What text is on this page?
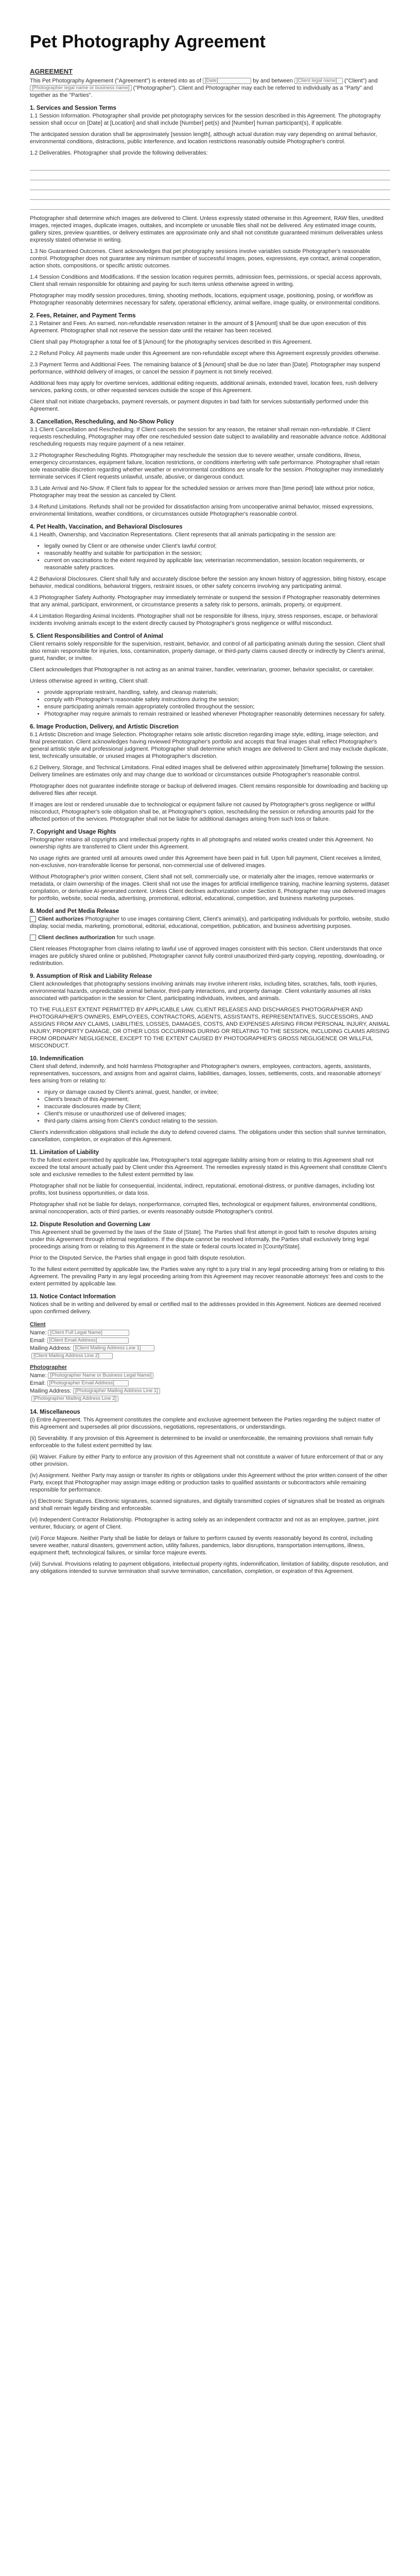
Pet Photography Agreement
AGREEMENT

This Pet Photography Agreement ("Agreement") is entered into as of [Date]	by and between [Client legal name] ("Client") and [Photographer legal name or business name] ("Photographer"). Client and Photographer may each be referred to individually as a "Party" and together as the "Parties".

1. Services and Session Terms

1.1 Session Information. Photographer shall provide pet photography services for the session described in this Agreement. The photography session shall occur on [Date] at [Location] and shall include [Number] pet(s) and [Number] human participant(s), if applicable.

The anticipated session duration shall be approximately [session length], although actual duration may vary depending on animal behavior, environmental conditions, distractions, public interference, and location restrictions reasonably outside Photographer's control.

1.2 Deliverables. Photographer shall provide the following deliverables:

Photographer shall determine which images are delivered to Client. Unless expressly stated otherwise in this Agreement, RAW files, unedited images, rejected images, duplicate images, outtakes, and incomplete or unusable files shall not be delivered. Any estimated image counts, gallery sizes, preview quantities, or delivery estimates are approximate only and shall not constitute guaranteed minimum deliverables unless expressly stated otherwise in writing.

1.3 No Guaranteed Outcomes. Client acknowledges that pet photography sessions involve variables outside Photographer's reasonable control. Photographer does not guarantee any minimum number of successful images, poses, expressions, eye contact, animal cooperation, action shots, compositions, or specific artistic outcomes.

1.4 Session Conditions and Modifications. If the session location requires permits, admission fees, permissions, or special access approvals, Client shall remain responsible for obtaining and paying for such items unless otherwise agreed in writing.

Photographer may modify session procedures, timing, shooting methods, locations, equipment usage, positioning, posing, or workflow as Photographer reasonably determines necessary for safety, operational efficiency, animal welfare, image quality, or environmental conditions.

2. Fees, Retainer, and Payment Terms

2.1 Retainer and Fees. An earned, non-refundable reservation retainer in the amount of $ [Amount] shall be due upon execution of this Agreement. Photographer shall not reserve the session date until the retainer has been received.

Client shall pay Photographer a total fee of $ [Amount] for the photography services described in this Agreement.

2.2 Refund Policy. All payments made under this Agreement are non-refundable except where this Agreement expressly provides otherwise.

2.3 Payment Terms and Additional Fees. The remaining balance of $ [Amount] shall be due no later than [Date]. Photographer may suspend performance, withhold delivery of images, or cancel the session if payment is not timely received.

Additional fees may apply for overtime services, additional editing requests, additional animals, extended travel, location fees, rush delivery services, parking costs, or other requested services outside the scope of this Agreement.

Client shall not initiate chargebacks, payment reversals, or payment disputes in bad faith for services substantially performed under this Agreement.

3. Cancellation, Rescheduling, and No-Show Policy

3.1 Client Cancellation and Rescheduling. If Client cancels the session for any reason, the retainer shall remain non-refundable. If Client requests rescheduling, Photographer may offer one rescheduled session date subject to availability and reasonable advance notice. Additional rescheduling requests may require payment of a new retainer.

3.2 Photographer Rescheduling Rights. Photographer may reschedule the session due to severe weather, unsafe conditions, illness, emergency circumstances, equipment failure, location restrictions, or conditions interfering with safe performance. Photographer shall retain sole reasonable discretion regarding whether weather or environmental conditions are unsafe for the session. Photographer may immediately terminate services if Client requests unlawful, unsafe, abusive, or dangerous conduct.

3.3 Late Arrival and No-Show. If Client fails to appear for the scheduled session or arrives more than [time period] late without prior notice, Photographer may treat the session as canceled by Client.

3.4 Refund Limitations. Refunds shall not be provided for dissatisfaction arising from uncooperative animal behavior, missed expressions, environmental limitations, weather conditions, or circumstances outside Photographer's reasonable control.

4. Pet Health, Vaccination, and Behavioral Disclosures

4.1 Health, Ownership, and Vaccination Representations. Client represents that all animals participating in the session are:

• legally owned by Client or are otherwise under Client's lawful control;
• reasonably healthy and suitable for participation in the session;
• current on vaccinations to the extent required by applicable law, veterinarian recommendation, session location requirements, or reasonable safety practices.

4.2 Behavioral Disclosures. Client shall fully and accurately disclose before the session any known history of aggression, biting history, escape behavior, medical conditions, behavioral triggers, restraint issues, or other safety concerns involving any participating animal.

4.3 Photographer Safety Authority. Photographer may immediately terminate or suspend the session if Photographer reasonably determines that any animal, participant, environment, or circumstance presents a safety risk to persons, animals, property, or equipment.

4.4 Limitation Regarding Animal Incidents. Photographer shall not be responsible for illness, injury, stress responses, escape, or behavioral incidents involving animals except to the extent directly caused by Photographer's gross negligence or willful misconduct.

5. Client Responsibilities and Control of Animal

Client remains solely responsible for the supervision, restraint, behavior, and control of all participating animals during the session. Client shall also remain responsible for injuries, loss, contamination, property damage, or third-party claims caused directly or indirectly by Client's animal, guest, handler, or invitee.

Client acknowledges that Photographer is not acting as an animal trainer, handler, veterinarian, groomer, behavior specialist, or caretaker.

Unless otherwise agreed in writing, Client shall:

• provide appropriate restraint, handling, safety, and cleanup materials;
• comply with Photographer's reasonable safety instructions during the session;
• ensure participating animals remain appropriately controlled throughout the session;
• Photographer may require animals to remain restrained or leashed whenever Photographer reasonably determines necessary for safety.
6. Image Production, Delivery, and Artistic Discretion

6.1 Artistic Discretion and Image Selection. Photographer retains sole artistic discretion regarding image style, editing, image selection, and final presentation. Client acknowledges having reviewed Photographer's portfolio and accepts that final images shall reflect Photographer's general artistic style and professional judgment. Photographer shall determine which images are delivered to Client and may exclude duplicate, test, technically unsuitable, or unused images at Photographer's discretion.

6.2 Delivery, Storage, and Technical Limitations. Final edited images shall be delivered within approximately [timeframe] following the session. Delivery timelines are estimates only and may change due to workload or circumstances outside Photographer's reasonable control.

Photographer does not guarantee indefinite storage or backup of delivered images. Client remains responsible for downloading and backing up delivered files after receipt.

If images are lost or rendered unusable due to technological or equipment failure not caused by Photographer's gross negligence or willful misconduct, Photographer's sole obligation shall be, at Photographer's option, rescheduling the session or refunding amounts paid for the affected portion of the services. Photographer shall not be liable for additional damages arising from such loss or failure.

7. Copyright and Usage Rights

Photographer retains all copyrights and intellectual property rights in all photographs and related works created under this Agreement. No ownership rights are transferred to Client under this Agreement.

No usage rights are granted until all amounts owed under this Agreement have been paid in full. Upon full payment, Client receives a limited, non-exclusive, non-transferable license for personal, non-commercial use of delivered images.

Without Photographer's prior written consent, Client shall not sell, commercially use, or materially alter the images, remove watermarks or metadata, or claim ownership of the images. Client shall not use the images for artificial intelligence training, machine learning systems, dataset compilation, or derivative AI-generated content. Unless Client declines authorization under Section 8, Photographer may use delivered images for portfolio, website, social media, advertising, promotional, editorial, educational, competition, and business marketing purposes.

8. Model and Pet Media Release

Client authorizes Photographer to use images containing Client, Client's animal(s), and participating individuals for portfolio, website, studio display, social media, marketing, promotional, editorial, educational, competition, publication, and business advertising purposes.

Client declines authorization for such usage.

Client releases Photographer from claims relating to lawful use of approved images consistent with this section. Client understands that once images are publicly shared online or published, Photographer cannot fully control unauthorized third-party copying, reposting, downloading, or redistribution.

9. Assumption of Risk and Liability Release

Client acknowledges that photography sessions involving animals may involve inherent risks, including bites, scratches, falls, tooth injuries, environmental hazards, unpredictable animal behavior, third-party interactions, and property damage. Client voluntarily assumes all risks associated with participation in the session for Client, participating individuals, invitees, and animals.

TO THE FULLEST EXTENT PERMITTED BY APPLICABLE LAW, CLIENT RELEASES AND DISCHARGES PHOTOGRAPHER AND PHOTOGRAPHER'S OWNERS, EMPLOYEES, CONTRACTORS, AGENTS, ASSISTANTS, REPRESENTATIVES, SUCCESSORS, AND ASSIGNS FROM ANY CLAIMS, LIABILITIES, LOSSES, DAMAGES, COSTS, AND EXPENSES ARISING FROM PERSONAL INJURY, ANIMAL INJURY, PROPERTY DAMAGE, OR OTHER LOSS OCCURRING DURING OR RELATING TO THE SESSION, INCLUDING CLAIMS ARISING FROM ORDINARY NEGLIGENCE, EXCEPT TO THE EXTENT CAUSED BY PHOTOGRAPHER'S GROSS NEGLIGENCE OR WILLFUL MISCONDUCT.

10. Indemnification

Client shall defend, indemnify, and hold harmless Photographer and Photographer's owners, employees, contractors, agents, assistants, representatives, successors, and assigns from and against claims, liabilities, damages, losses, settlements, costs, and reasonable attorneys' fees arising from or relating to:

• injury or damage caused by Client's animal, guest, handler, or invitee;
• Client's breach of this Agreement;
• inaccurate disclosures made by Client;
• Client's misuse or unauthorized use of delivered images;
• third-party claims arising from Client's conduct relating to the session.

Client's indemnification obligations shall include the duty to defend covered claims. The obligations under this section shall survive termination, cancellation, completion, or expiration of this Agreement.

11. Limitation of Liability

To the fullest extent permitted by applicable law, Photographer's total aggregate liability arising from or relating to this Agreement shall not exceed the total amount actually paid by Client under this Agreement. The remedies expressly stated in this Agreement shall constitute Client's sole and exclusive remedies to the fullest extent permitted by law.

Photographer shall not be liable for consequential, incidental, indirect, reputational, emotional-distress, or punitive damages, including lost profits, lost business opportunities, or data loss.

Photographer shall not be liable for delays, nonperformance, corrupted files, technological or equipment failures, environmental conditions, animal noncooperation, acts of third parties, or events reasonably outside Photographer's control.

12. Dispute Resolution and Governing Law

This Agreement shall be governed by the laws of the State of [State]. The Parties shall first attempt in good faith to resolve disputes arising under this Agreement through informal negotiations. If the dispute cannot be resolved informally, the Parties shall exclusively bring legal proceedings arising from or relating to this Agreement in the state or federal courts located in [County/State].

Prior to the Disputed Service, the Parties shall engage in good faith dispute resolution.

To the fullest extent permitted by applicable law, the Parties waive any right to a jury trial in any legal proceeding arising from or relating to this Agreement. The prevailing Party in any legal proceeding arising from this Agreement may recover reasonable attorneys' fees and costs to the extent permitted by applicable law.

13. Notice Contact Information

Notices shall be in writing and delivered by email or certified mail to the addresses provided in this Agreement. Notices are deemed received upon confirmed delivery.

Client
Name: [Client Full Legal Name]
Email: [Client Email Address]
Mailing Address: [Client Mailing Address Line 1]
[Client Mailing Address Line 2]
Photographer
Name: [Photographer Name or Business Legal Name]
Email: [Photographer Email Address]
Mailing Address: [Photographer Mailing Address Line 1]
[Photographer Mailing Address Line 2]
14. Miscellaneous

(i) Entire Agreement. This Agreement constitutes the complete and exclusive agreement between the Parties regarding the subject matter of this Agreement and supersedes all prior discussions, negotiations, representations, or understandings.

(ii) Severability. If any provision of this Agreement is determined to be invalid or unenforceable, the remaining provisions shall remain fully enforceable to the fullest extent permitted by law.

(iii) Waiver. Failure by either Party to enforce any provision of this Agreement shall not constitute a waiver of future enforcement of that or any other provision.

(iv) Assignment. Neither Party may assign or transfer its rights or obligations under this Agreement without the prior written consent of the other Party, except that Photographer may assign image editing or production tasks to qualified assistants or subcontractors while remaining responsible for performance.

(v) Electronic Signatures. Electronic signatures, scanned signatures, and digitally transmitted copies of signatures shall be treated as originals and shall remain legally binding and enforceable.

(vi) Independent Contractor Relationship. Photographer is acting solely as an independent contractor and not as an employee, partner, joint venturer, fiduciary, or agent of Client.

(vii) Force Majeure. Neither Party shall be liable for delays or failure to perform caused by events reasonably beyond its control, including severe weather, natural disasters, government action, utility failures, pandemics, labor disruptions, transportation interruptions, illness, equipment theft, technological failures, or similar force majeure events.

(viii) Survival. Provisions relating to payment obligations, intellectual property rights, indemnification, limitation of liability, dispute resolution, and any obligations intended to survive termination shall survive termination, cancellation, completion, or expiration of this Agreement.
